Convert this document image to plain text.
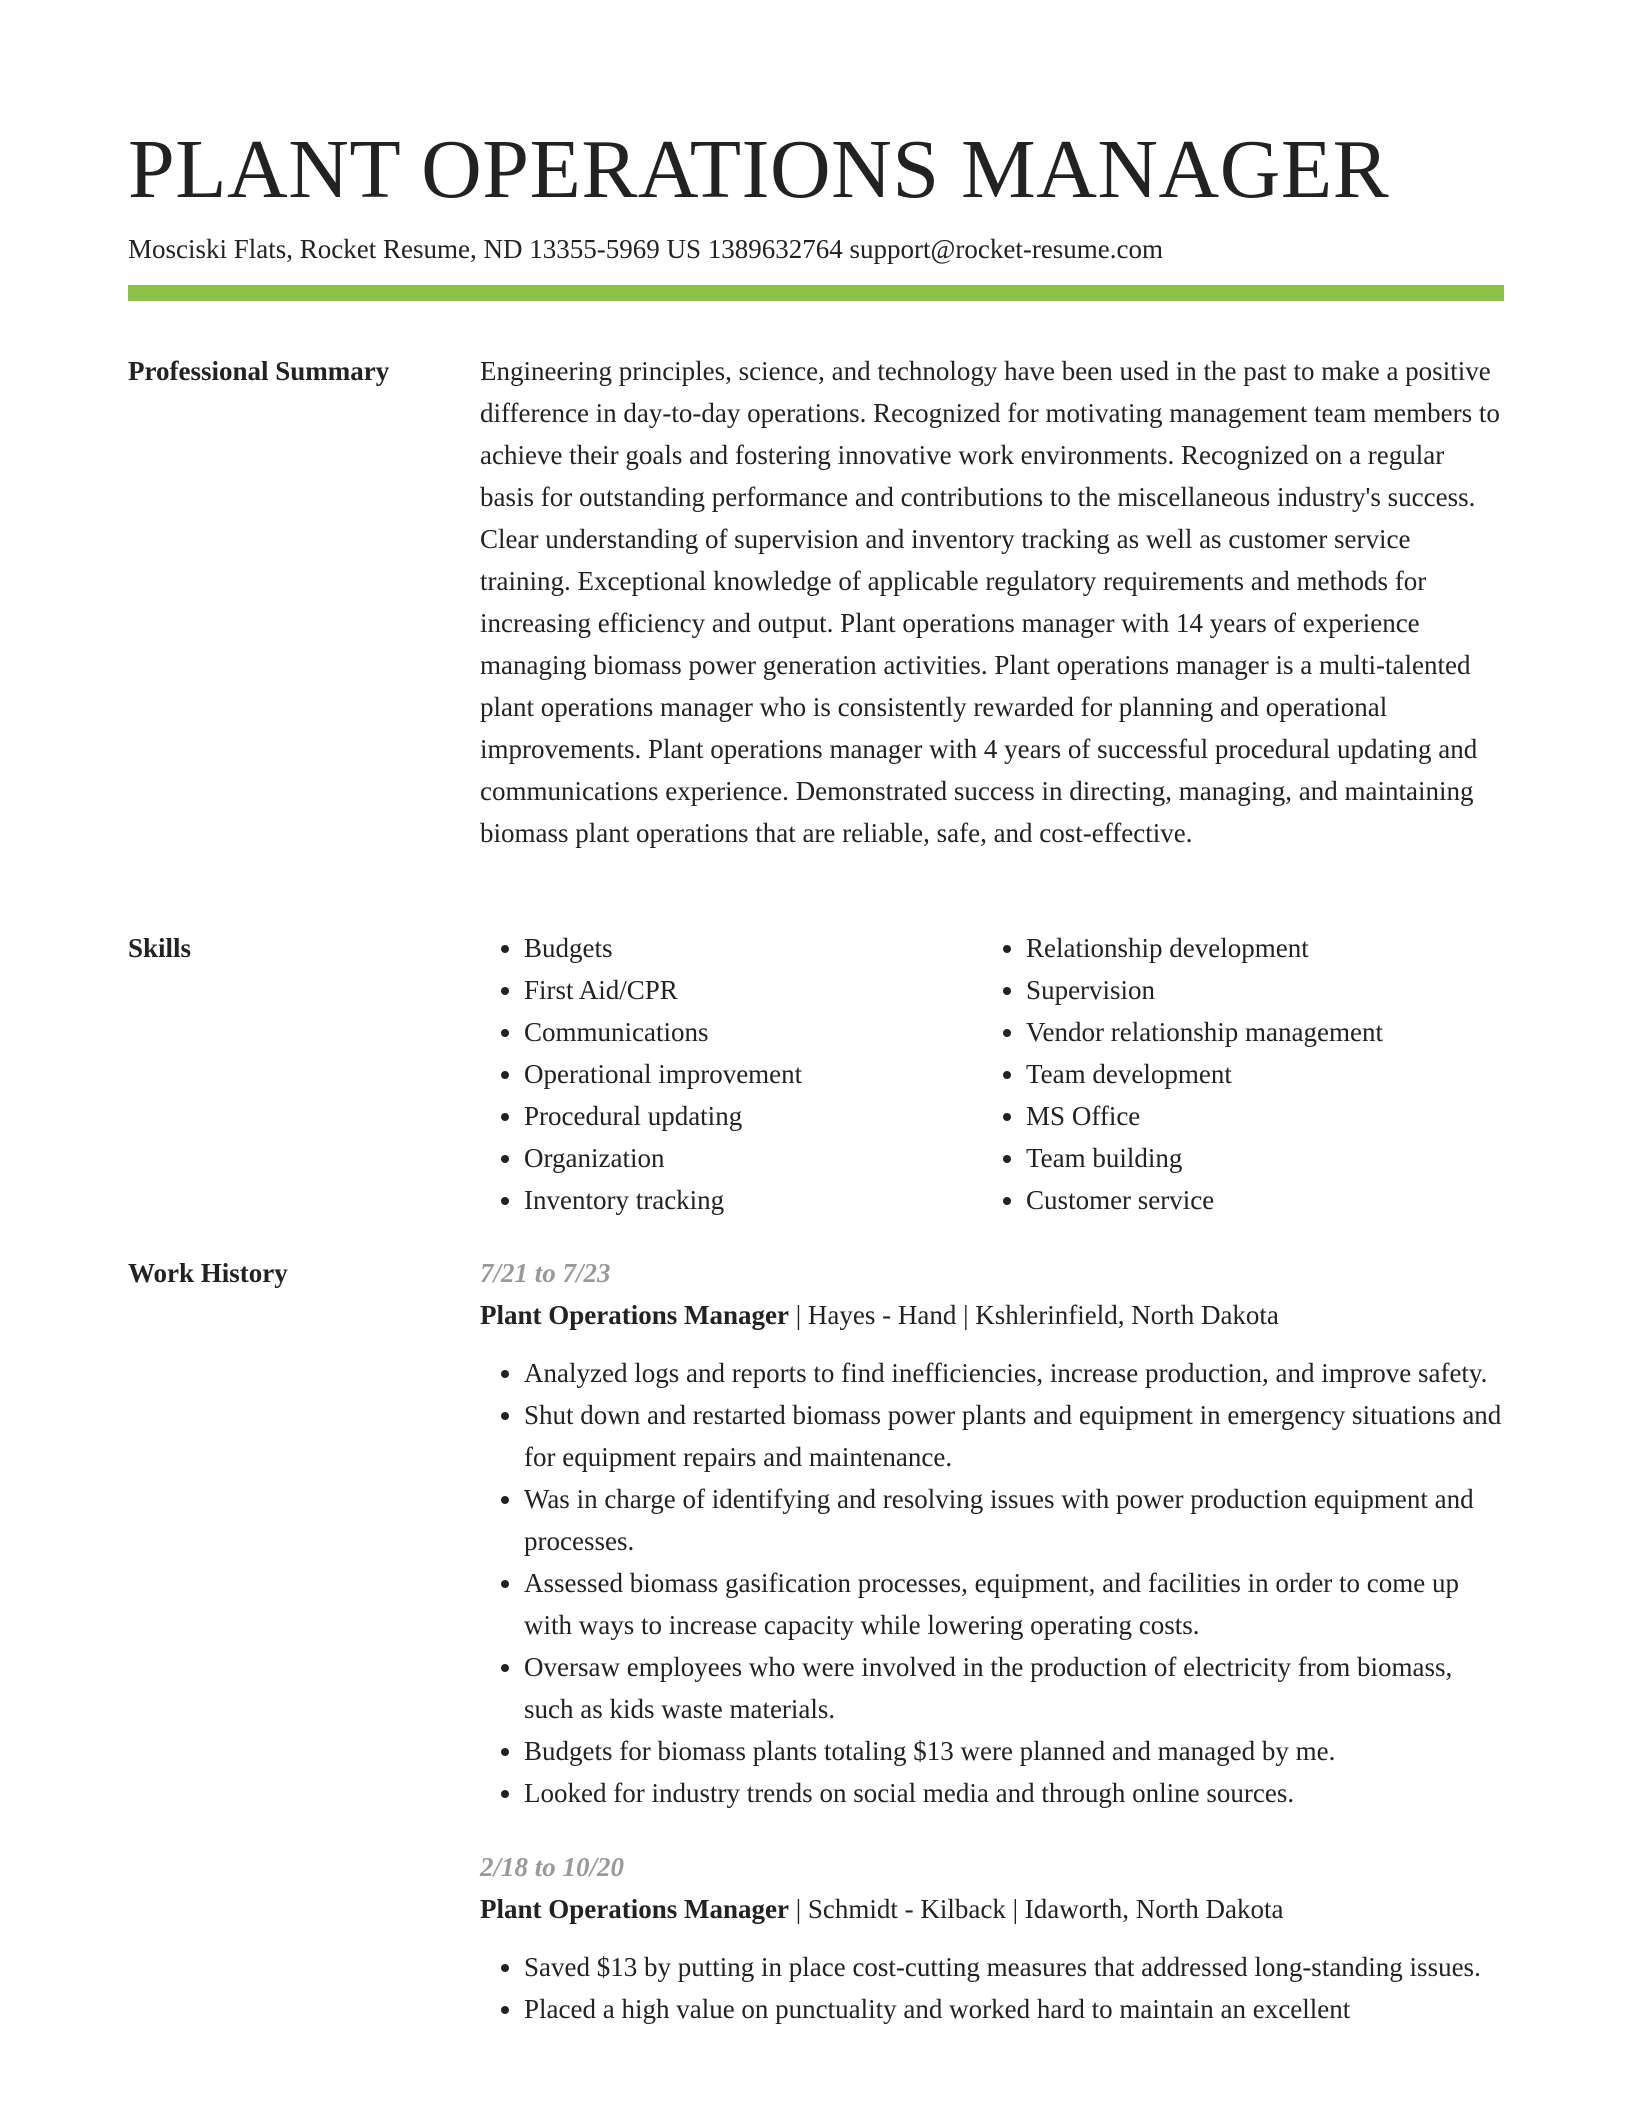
PLANT OPERATIONS MANAGER
Mosciski Flats, Rocket Resume, ND 13355-5969 US 1389632764 support@rocket-resume.com
Professional Summary	Engineering principles, science, and technology have been used in the past to make a positive difference in day-to-day operations. Recognized for motivating management team members to achieve their goals and fostering innovative work environments. Recognized on a regular basis for outstanding performance and contributions to the miscellaneous industry's success. Clear understanding of supervision and inventory tracking as well as customer service training. Exceptional knowledge of applicable regulatory requirements and methods for increasing efficiency and output. Plant operations manager with 14 years of experience managing biomass power generation activities. Plant operations manager is a multi-talented plant operations manager who is consistently rewarded for planning and operational improvements. Plant operations manager with 4 years of successful procedural updating and communications experience. Demonstrated success in directing, managing, and maintaining biomass plant operations that are reliable, safe, and cost-effective.

Skills
•	Budgets
• First Aid/CPR
• Communications
• Operational improvement
• Procedural updating
• Organization
• Inventory tracking
• Relationship development
• Supervision
• Vendor relationship management
• Team development
• MS Office
• Team building
• Customer service
Work History	7/21 to 7/23
Plant Operations Manager | Hayes - Hand | Kshlerinfield, North Dakota
• Analyzed logs and reports to find inefficiencies, increase production, and improve safety.
• Shut down and restarted biomass power plants and equipment in emergency situations and for equipment repairs and maintenance.
• Was in charge of identifying and resolving issues with power production equipment and processes.
• Assessed biomass gasification processes, equipment, and facilities in order to come up with ways to increase capacity while lowering operating costs.
• Oversaw employees who were involved in the production of electricity from biomass, such as kids waste materials.
• Budgets for biomass plants totaling $13 were planned and managed by me.
• Looked for industry trends on social media and through online sources.
2/18 to 10/20
Plant Operations Manager | Schmidt - Kilback | Idaworth, North Dakota
• Saved $13 by putting in place cost-cutting measures that addressed long-standing issues.
• Placed a high value on punctuality and worked hard to maintain an excellent
